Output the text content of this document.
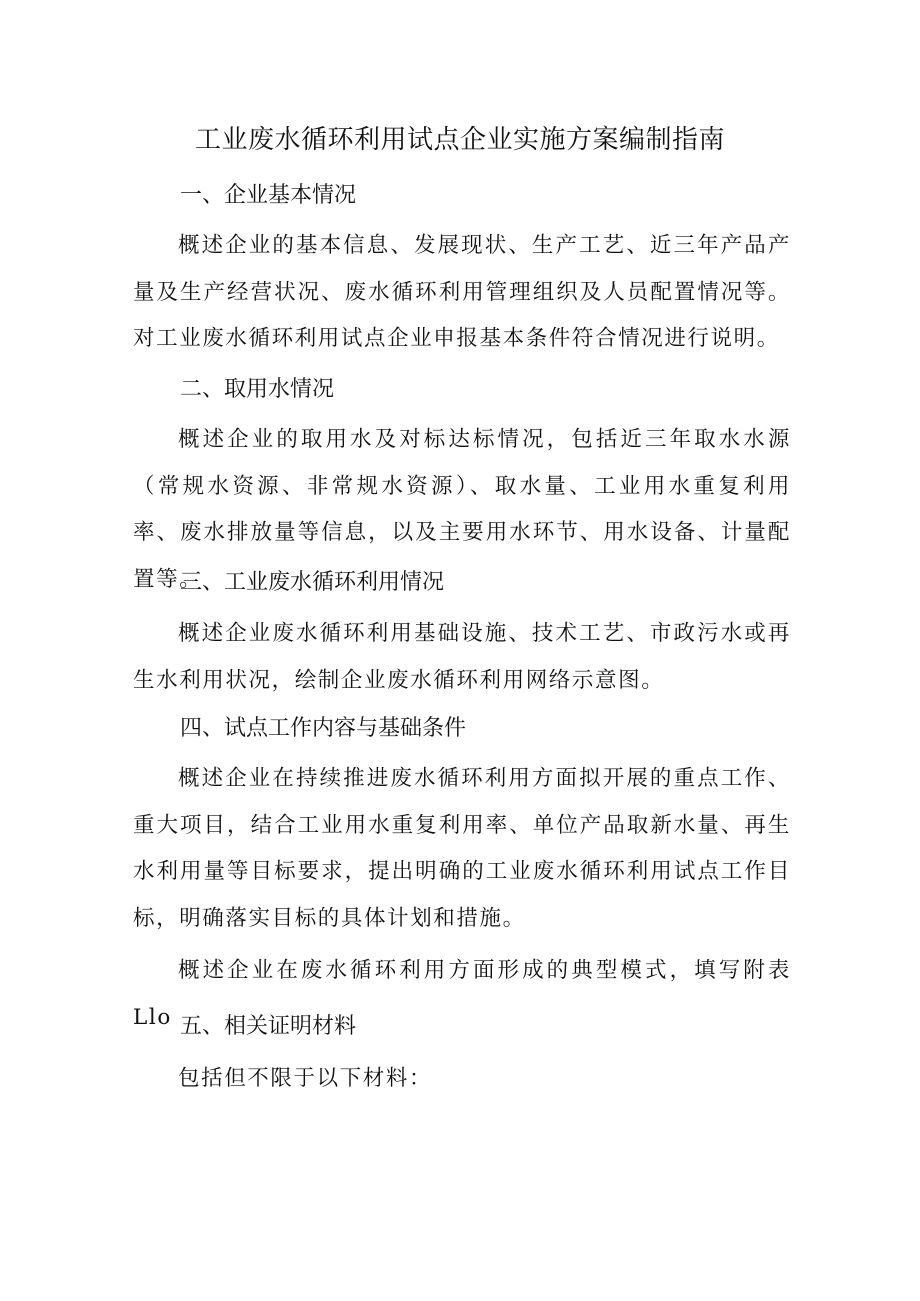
工业废水循环利用试点企业实施方案编制指南
一、企业基本情况
概述企业的基本信息、发展现状、生产工艺、近三年产品产量及生产经营状况、废水循环利用管理组织及人员配置情况等。对工业废水循环利用试点企业申报基本条件符合情况进行说明。
二、取用水情况
概述企业的取用水及对标达标情况，包括近三年取水水源（常规水资源、非常规水资源）、取水量、工业用水重复利用率、废水排放量等信息，以及主要用水环节、用水设备、计量配置等。
三、工业废水循环利用情况
概述企业废水循环利用基础设施、技术工艺、市政污水或再生水利用状况，绘制企业废水循环利用网络示意图。
四、试点工作内容与基础条件
概述企业在持续推进废水循环利用方面拟开展的重点工作、重大项目，结合工业用水重复利用率、单位产品取新水量、再生水利用量等目标要求，提出明确的工业废水循环利用试点工作目标，明确落实目标的具体计划和措施。
概述企业在废水循环利用方面形成的典型模式，填写附表Llo 五、相关证明材料
包括但不限于以下材料：
